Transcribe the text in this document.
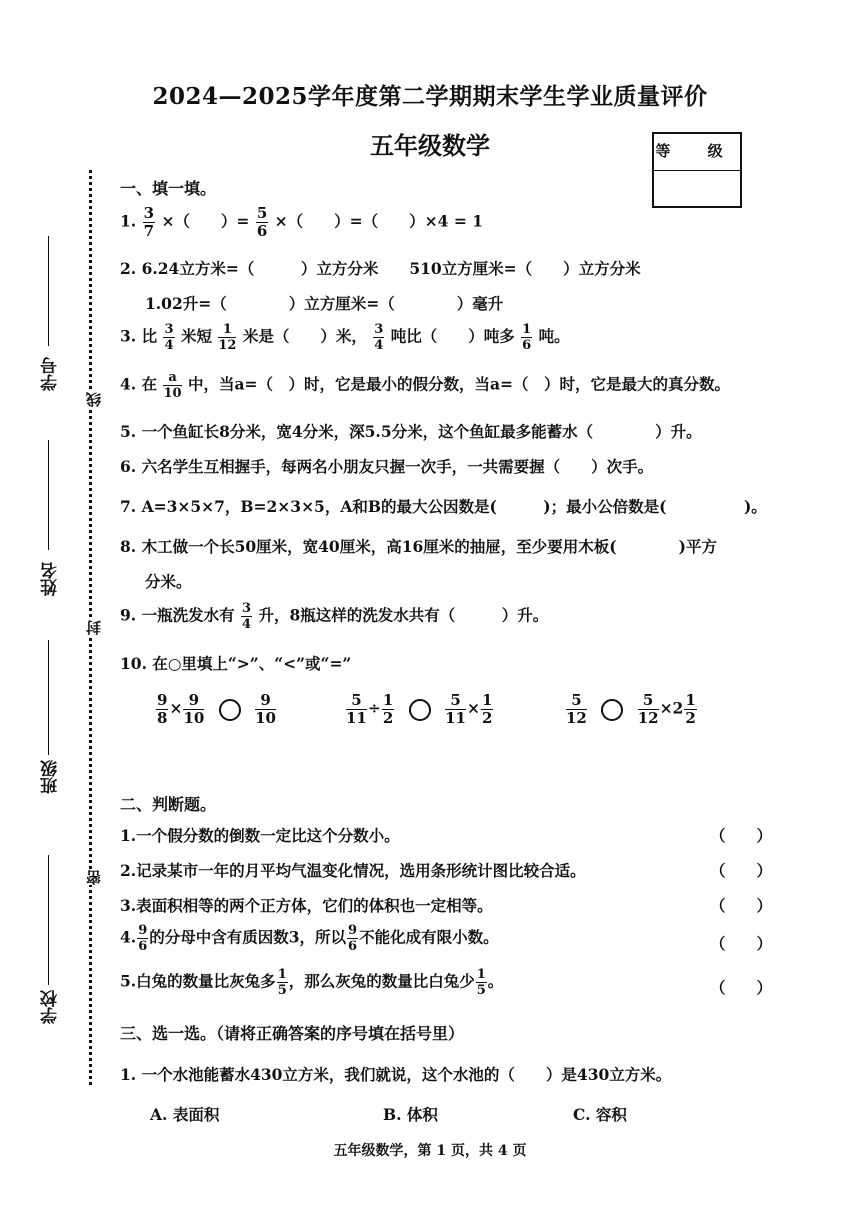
2024—2025学年度第二学期期末学生学业质量评价
五年级数学	等 级
线
封
密
学号
姓名
班级
学校
一、填一填。
1. $\frac{3}{7}$ ×（　　）= $\frac{5}{6}$ ×（　　）=（　　）×4 = 1
2. 6.24立方米=（　　　）立方分米　　510立方厘米=（　　）立方分米
1.02升=（　　　　）立方厘米=（　　　　）毫升
3. 比 $\frac{3}{4}$ 米短 $\frac{1}{12}$ 米是（　　）米， $\frac{3}{4}$ 吨比（　　）吨多 $\frac{1}{6}$ 吨。
4. 在 $\frac{a}{10}$ 中，当a=（　）时，它是最小的假分数，当a=（　）时，它是最大的真分数。
5. 一个鱼缸长8分米，宽4分米，深5.5分米，这个鱼缸最多能蓄水（　　　　）升。
6. 六名学生互相握手，每两名小朋友只握一次手，一共需要握（　　）次手。
7. A=3×5×7，B=2×3×5，A和B的最大公因数是(　　　)；最小公倍数是(　　　　　)。
8. 木工做一个长50厘米，宽40厘米，高16厘米的抽屉，至少要用木板(　　　　)平方
分米。
9. 一瓶洗发水有 $\frac{3}{4}$ 升，8瓶这样的洗发水共有（　　　）升。
10. 在○里填上“>”、“<”或“=”
$\frac{9}{8} \times \frac{9}{10}$
	$\frac{9}{10}$	$\frac{5}{11} \div \frac{1}{2}$
	$\frac{5}{11} \times \frac{1}{2}$	$\frac{5}{12}$
	$\frac{5}{12} \times 2 \frac{1}{2}$
二、判断题。
1.一个假分数的倒数一定比这个分数小。	（　　）
2.记录某市一年的月平均气温变化情况，选用条形统计图比较合适。	（　　）
3.表面积相等的两个正方体，它们的体积也一定相等。	（　　）
4. $\frac{9}{6}$ 的分母中含有质因数3，所以 $\frac{9}{6}$ 不能化成有限小数。	（　　）
5.白兔的数量比灰兔多 $\frac{1}{5}$ ，那么灰兔的数量比白兔少 $\frac{1}{5}$ 。	（　　）
三、选一选。（请将正确答案的序号填在括号里）
1. 一个水池能蓄水430立方米，我们就说，这个水池的（　　）是430立方米。
A. 表面积	B. 体积	C. 容积
五年级数学，第 1 页，共 4 页
